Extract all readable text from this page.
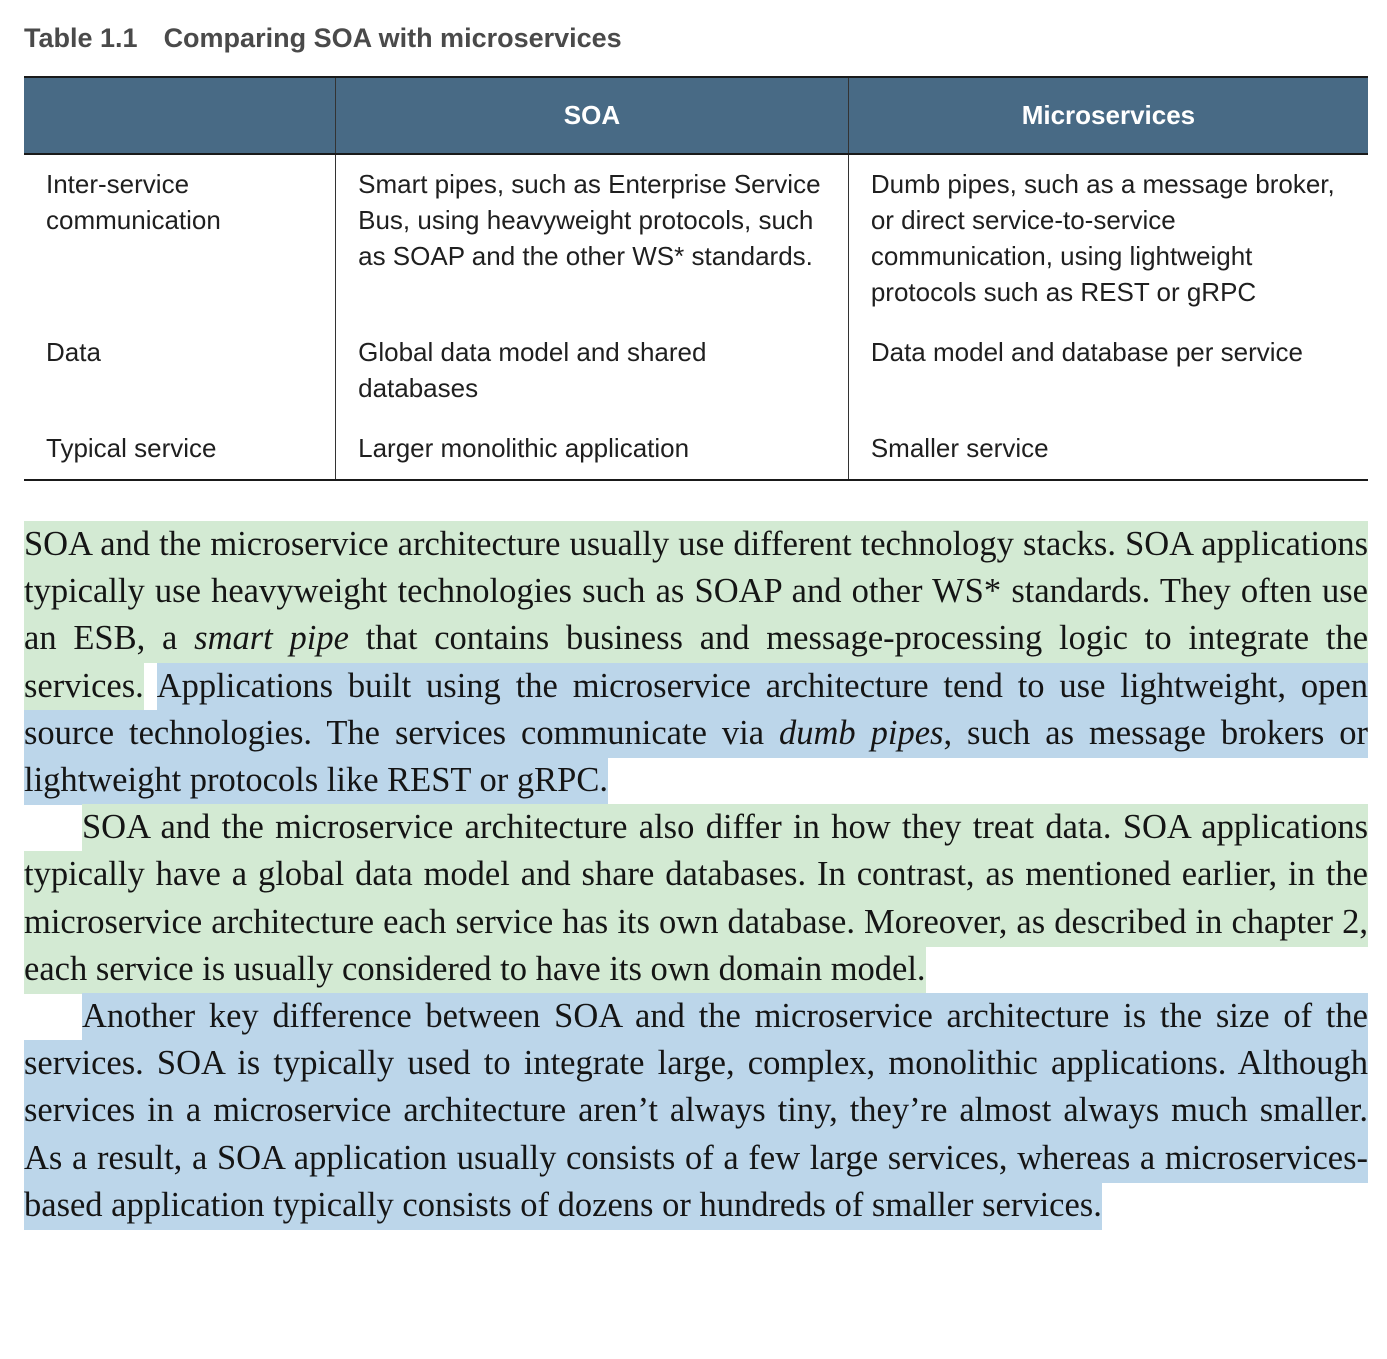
Table 1.1 Comparing SOA with microservices
	SOA	Microservices
Inter-service communication	Smart pipes, such as Enterprise Service Bus, using heavyweight protocols, such as SOAP and the other WS* standards.	Dumb pipes, such as a message broker, or direct service-to-service communication, using lightweight protocols such as REST or gRPC
Data	Global data model and shared databases	Data model and database per service
Typical service	Larger monolithic application	Smaller service

SOA and the microservice architecture usually use different technology stacks. SOA applications typically use heavyweight technologies such as SOAP and other WS* standards. They often use an ESB, a smart pipe that contains business and message-processing logic to integrate the services. Applications built using the microservice architecture tend to use lightweight, open source technologies. The services communicate via dumb pipes, such as message brokers or lightweight protocols like REST or gRPC.

SOA and the microservice architecture also differ in how they treat data. SOA applications typically have a global data model and share databases. In contrast, as mentioned earlier, in the microservice architecture each service has its own database. Moreover, as described in chapter 2, each service is usually considered to have its own domain model.

Another key difference between SOA and the microservice architecture is the size of the services. SOA is typically used to integrate large, complex, monolithic applications. Although services in a microservice architecture aren’t always tiny, they’re almost always much smaller. As a result, a SOA application usually consists of a few large services, whereas a microservices-based application typically consists of dozens or hundreds of smaller services.
